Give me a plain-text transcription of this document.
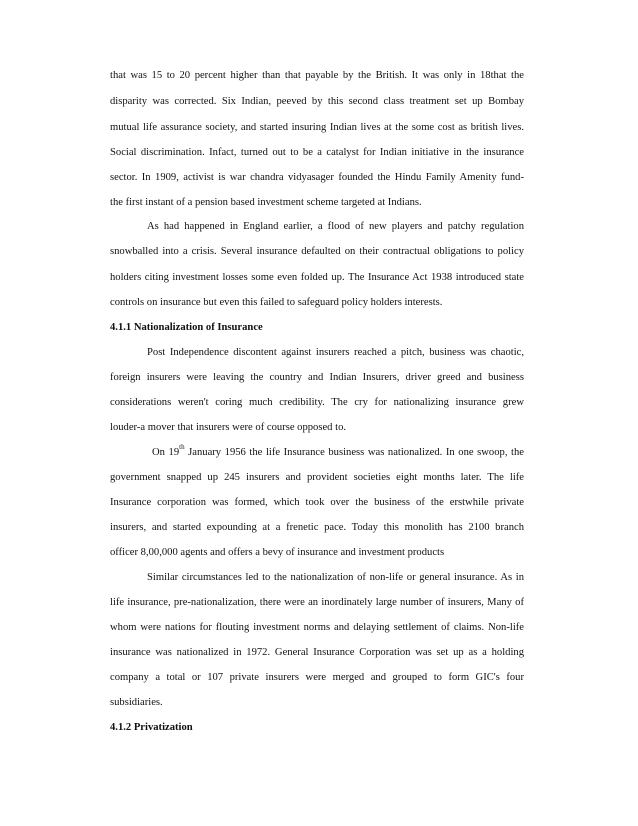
that was 15 to 20 percent higher than that payable by the British. It was only in 18that the
disparity was corrected. Six Indian, peeved by this second class treatment set up Bombay
mutual life assurance society, and started insuring Indian lives at the some cost as british lives.
Social discrimination. Infact, turned out to be a catalyst for Indian initiative in the insurance
sector. In 1909, activist is war chandra vidyasager founded the Hindu Family Amenity fund-
the first instant of a pension based investment scheme targeted at Indians.
As had happened in England earlier, a flood of new players and patchy regulation
snowballed into a crisis. Several insurance defaulted on their contractual obligations to policy
holders citing investment losses some even folded up. The Insurance Act 1938 introduced state
controls on insurance but even this failed to safeguard policy holders interests.
4.1.1 Nationalization of Insurance
Post Independence discontent against insurers reached a pitch, business was chaotic,
foreign insurers were leaving the country and Indian Insurers, driver greed and business
considerations weren't coring much credibility. The cry for nationalizing insurance grew
louder-a mover that insurers were of course opposed to.
On 19th January 1956 the life Insurance business was nationalized. In one swoop, the
government snapped up 245 insurers and provident societies eight months later. The life
Insurance corporation was formed, which took over the business of the erstwhile private
insurers, and started expounding at a frenetic pace. Today this monolith has 2100 branch
officer 8,00,000 agents and offers a bevy of insurance and investment products
Similar circumstances led to the nationalization of non-life or general insurance. As in
life insurance, pre-nationalization, there were an inordinately large number of insurers, Many of
whom were nations for flouting investment norms and delaying settlement of claims. Non-life
insurance was nationalized in 1972. General Insurance Corporation was set up as a holding
company a total or 107 private insurers were merged and grouped to form GIC's four
subsidiaries.
4.1.2 Privatization
